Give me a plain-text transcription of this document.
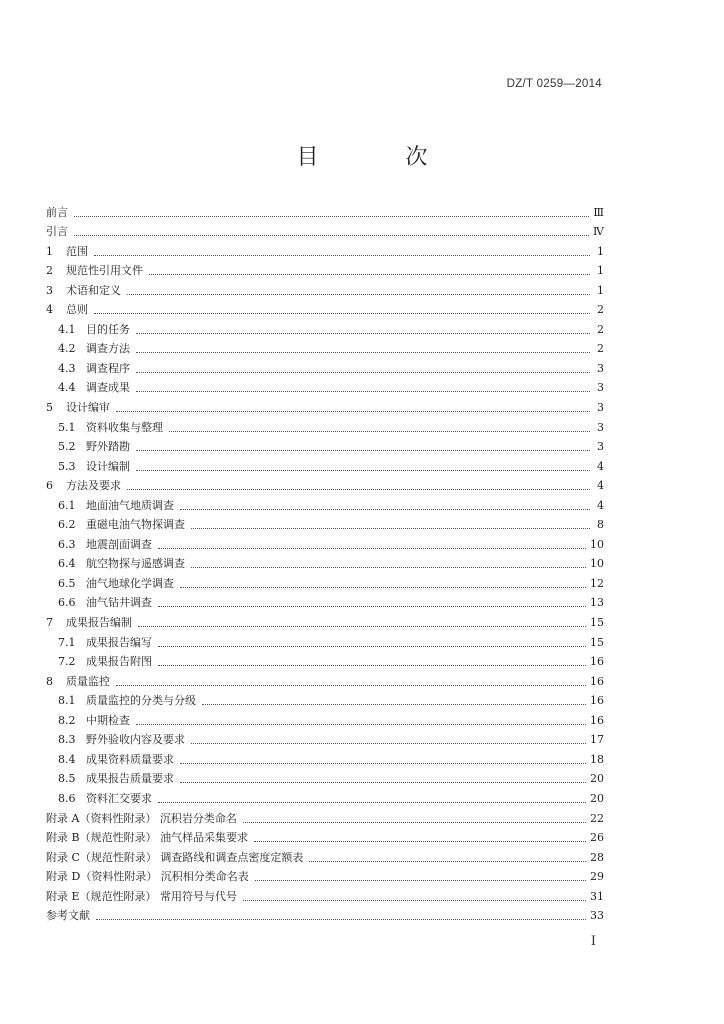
DZ/T 0259—2014
目 次
前言	Ⅲ
引言	Ⅳ
1	范围	1
2	规范性引用文件	1
3	术语和定义	1
4	总则	2
4.1 目的任务	2
4.2 调查方法	2
4.3 调查程序	3
4.4 调查成果	3
5	设计编审	3
5.1 资料收集与整理	3
5.2 野外踏勘	3
5.3 设计编制	4
6	方法及要求	4
6.1 地面油气地质调查	4
6.2 重磁电油气物探调查	8
6.3 地震剖面调查	10
6.4 航空物探与遥感调查	10
6.5 油气地球化学调查	12
6.6 油气钻井调查	13
7	成果报告编制	15
7.1 成果报告编写	15
7.2 成果报告附图	16
8	质量监控	16
8.1 质量监控的分类与分级	16
8.2 中期检查	16
8.3 野外验收内容及要求	17
8.4 成果资料质量要求	18
8.5 成果报告质量要求	20
8.6 资料汇交要求	20
附录 A（资料性附录） 沉积岩分类命名	22
附录 B（规范性附录） 油气样品采集要求	26
附录 C（规范性附录） 调查路线和调查点密度定额表	28
附录 D（资料性附录） 沉积相分类命名表	29
附录 E（规范性附录） 常用符号与代号	31
参考文献	33
I
